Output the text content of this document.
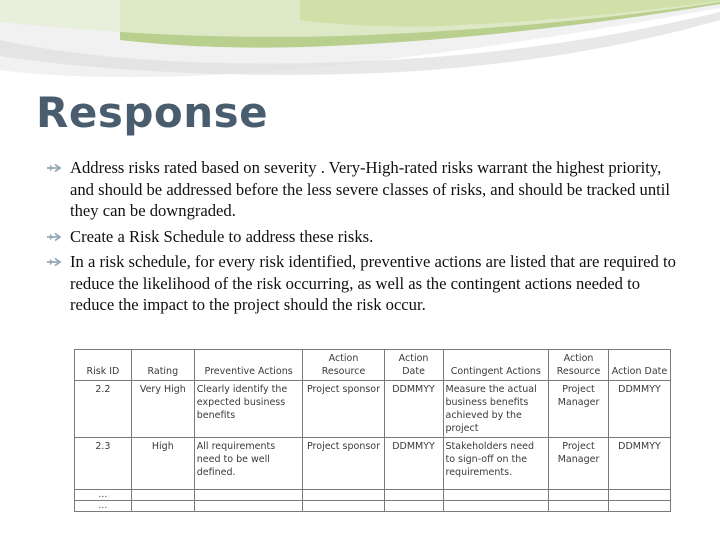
Response
Address risks rated based on severity . Very-High-rated risks warrant the highest priority, and should be addressed before the less severe classes of risks, and should be tracked until they can be downgraded.
Create a Risk Schedule to address these risks.
In a risk schedule, for every risk identified, preventive actions are listed that are required to reduce the likelihood of the risk occurring, as well as the contingent actions needed to reduce the impact to the project should the risk occur.
Risk ID	Rating	Preventive Actions	Action Resource	Action Date	Contingent Actions	Action Resource	Action Date
2.2	Very High	Clearly identify the expected business benefits	Project sponsor	DDMMYY	Measure the actual business benefits achieved by the project	Project Manager	DDMMYY
2.3	High	All requirements need to be well defined.	Project sponsor	DDMMYY	Stakeholders need to sign-off on the requirements.	Project Manager	DDMMYY
…							
…							
